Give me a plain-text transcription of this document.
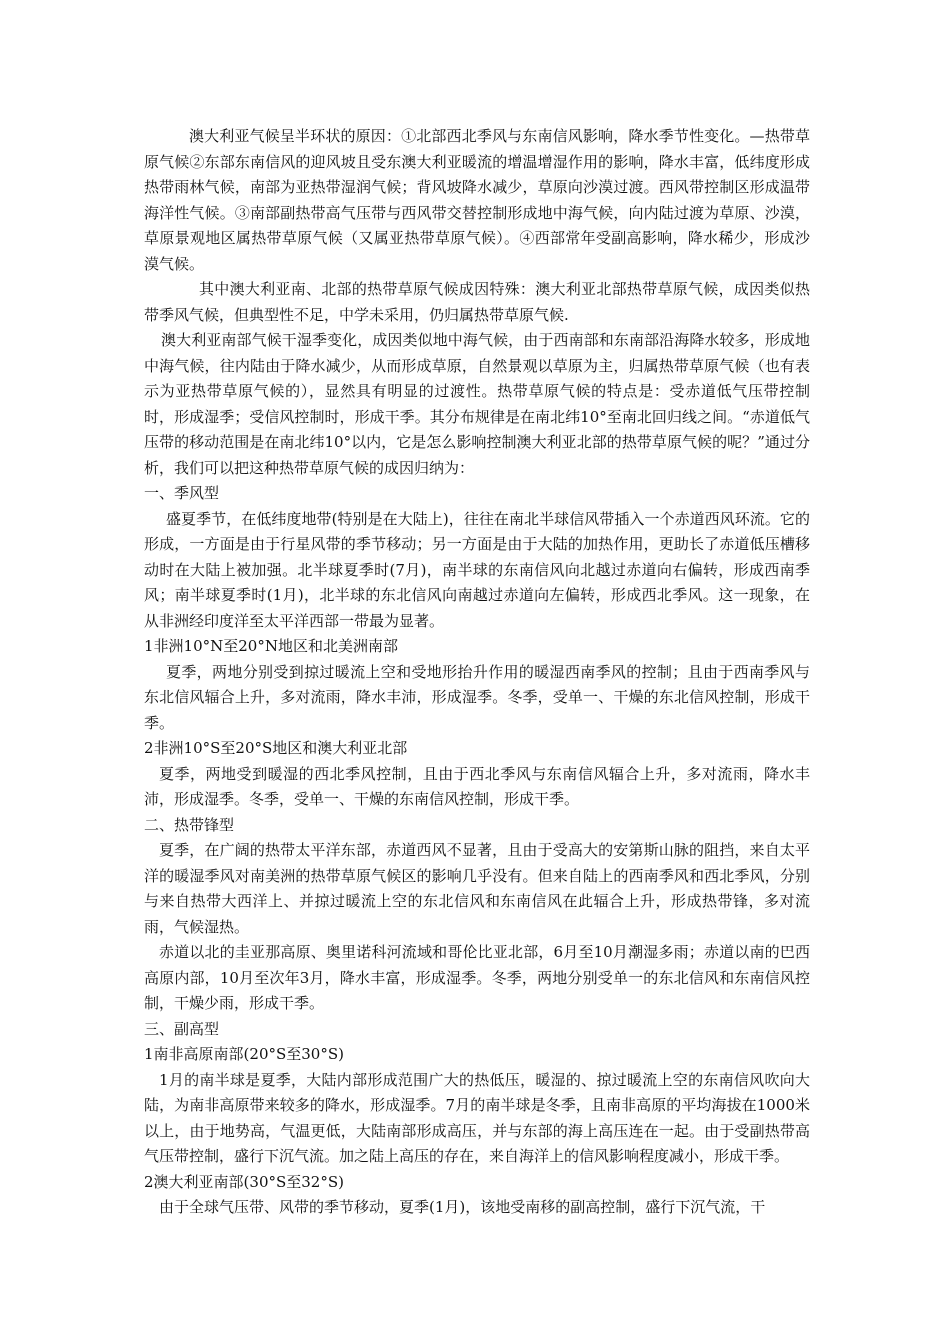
澳大利亚气候呈半环状的原因：①北部西北季风与东南信风影响，降水季节性变化。—热带草原气候②东部东南信风的迎风坡且受东澳大利亚暖流的增温增湿作用的影响，降水丰富，低纬度形成热带雨林气候，南部为亚热带湿润气候；背风坡降水减少，草原向沙漠过渡。西风带控制区形成温带海洋性气候。③南部副热带高气压带与西风带交替控制形成地中海气候，向内陆过渡为草原、沙漠，草原景观地区属热带草原气候（又属亚热带草原气候）。④西部常年受副高影响，降水稀少，形成沙漠气候。

其中澳大利亚南、北部的热带草原气候成因特殊：澳大利亚北部热带草原气候，成因类似热带季风气候，但典型性不足，中学未采用，仍归属热带草原气候.

澳大利亚南部气候干湿季变化，成因类似地中海气候，由于西南部和东南部沿海降水较多，形成地中海气候，往内陆由于降水减少，从而形成草原，自然景观以草原为主，归属热带草原气候（也有表示为亚热带草原气候的），显然具有明显的过渡性。热带草原气候的特点是：受赤道低气压带控制时，形成湿季；受信风控制时，形成干季。其分布规律是在南北纬10°至南北回归线之间。“赤道低气压带的移动范围是在南北纬10°以内，它是怎么影响控制澳大利亚北部的热带草原气候的呢？”通过分析，我们可以把这种热带草原气候的成因归纳为：

一、季风型

盛夏季节，在低纬度地带(特别是在大陆上)，往往在南北半球信风带插入一个赤道西风环流。它的形成，一方面是由于行星风带的季节移动；另一方面是由于大陆的加热作用，更助长了赤道低压槽移动时在大陆上被加强。北半球夏季时(7月)，南半球的东南信风向北越过赤道向右偏转，形成西南季风；南半球夏季时(1月)，北半球的东北信风向南越过赤道向左偏转，形成西北季风。这一现象，在从非洲经印度洋至太平洋西部一带最为显著。

1非洲10°N至20°N地区和北美洲南部

夏季，两地分别受到掠过暖流上空和受地形抬升作用的暖湿西南季风的控制；且由于西南季风与东北信风辐合上升，多对流雨，降水丰沛，形成湿季。冬季，受单一、干燥的东北信风控制，形成干季。

2非洲10°S至20°S地区和澳大利亚北部

夏季，两地受到暖湿的西北季风控制，且由于西北季风与东南信风辐合上升，多对流雨，降水丰沛，形成湿季。冬季，受单一、干燥的东南信风控制，形成干季。

二、热带锋型

夏季，在广阔的热带太平洋东部，赤道西风不显著，且由于受高大的安第斯山脉的阻挡，来自太平洋的暖湿季风对南美洲的热带草原气候区的影响几乎没有。但来自陆上的西南季风和西北季风，分别与来自热带大西洋上、并掠过暖流上空的东北信风和东南信风在此辐合上升，形成热带锋，多对流雨，气候湿热。

赤道以北的圭亚那高原、奥里诺科河流域和哥伦比亚北部，6月至10月潮湿多雨；赤道以南的巴西高原内部，10月至次年3月，降水丰富，形成湿季。冬季，两地分别受单一的东北信风和东南信风控制，干燥少雨，形成干季。

三、副高型

1南非高原南部(20°S至30°S)

1月的南半球是夏季，大陆内部形成范围广大的热低压，暖湿的、掠过暖流上空的东南信风吹向大陆，为南非高原带来较多的降水，形成湿季。7月的南半球是冬季，且南非高原的平均海拔在1000米以上，由于地势高，气温更低，大陆南部形成高压，并与东部的海上高压连在一起。由于受副热带高气压带控制，盛行下沉气流。加之陆上高压的存在，来自海洋上的信风影响程度减小，形成干季。

2澳大利亚南部(30°S至32°S)

由于全球气压带、风带的季节移动，夏季(1月)，该地受南移的副高控制，盛行下沉气流，干
